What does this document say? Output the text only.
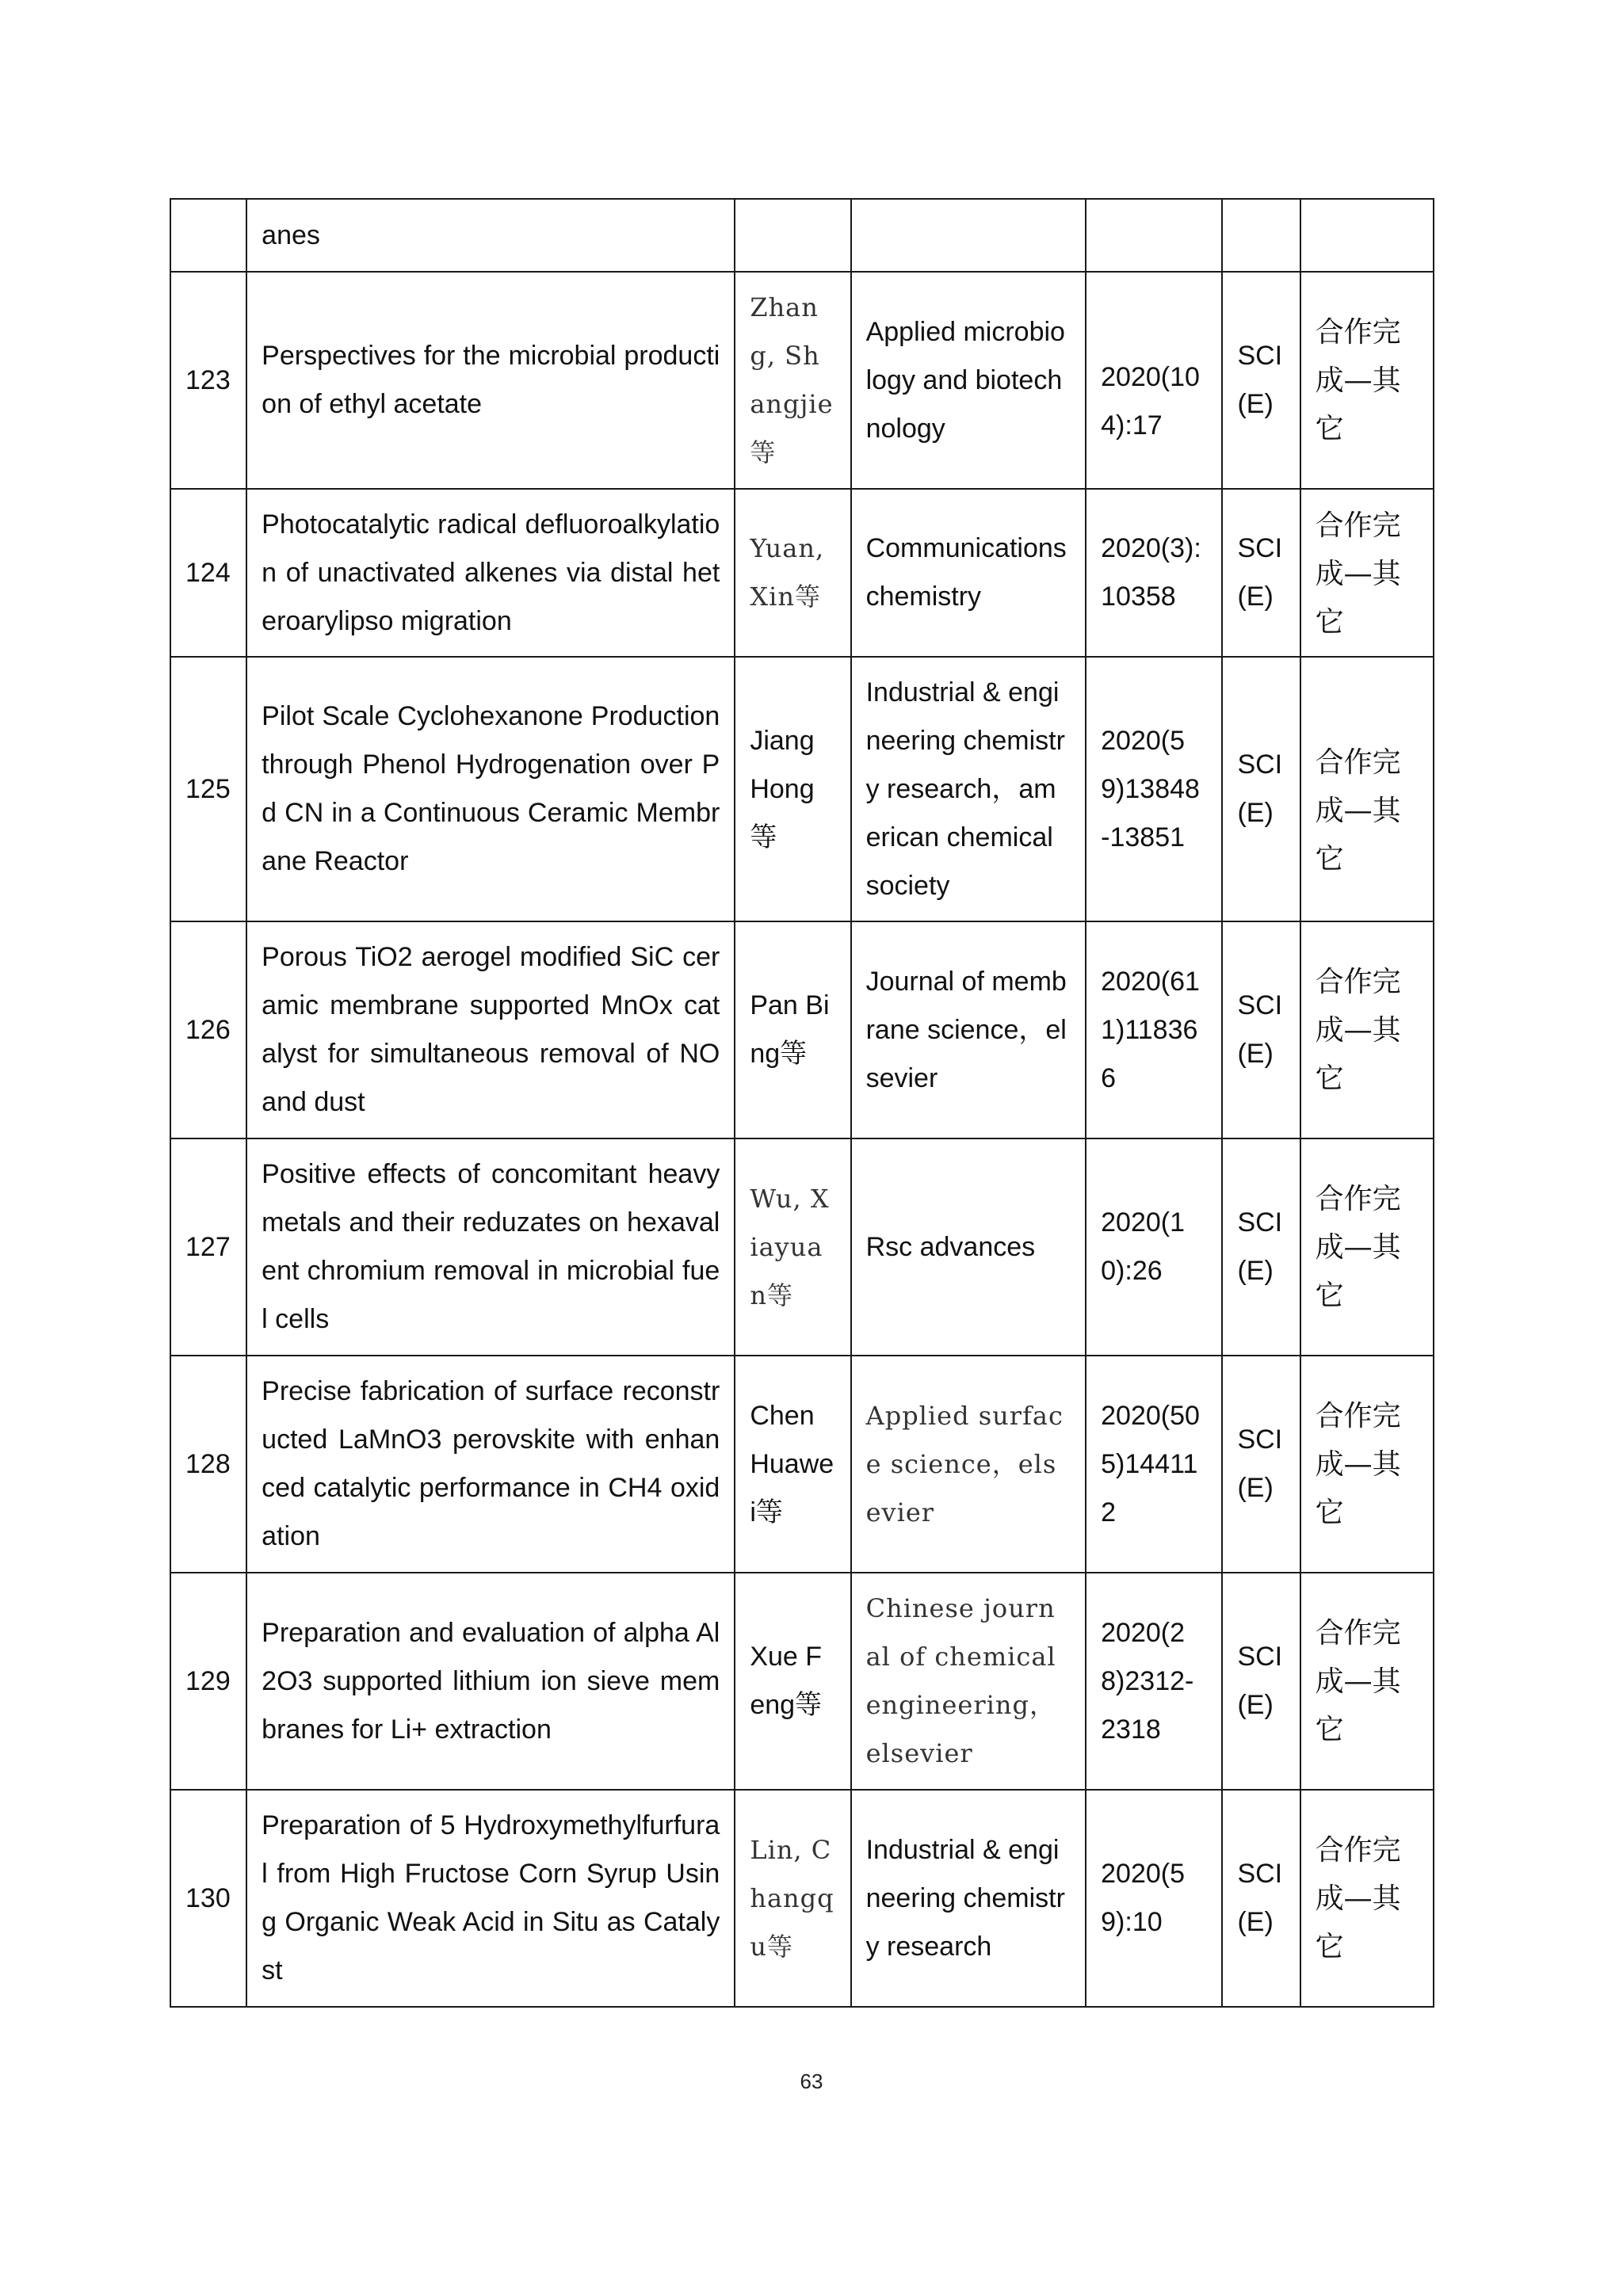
	anes					
123	Perspectives for the microbial production of ethyl acetate	Zhang, Shangjie等	Applied microbiology and biotechnology	2020(104):17	SCI (E)	合作完成—其它
124	Photocatalytic radical defluoroalkylation of unactivated alkenes via distal heteroarylipso migration	Yuan, Xin等	Communications chemistry	2020(3):10358	SCI (E)	合作完成—其它
125	Pilot Scale Cyclohexanone Production through Phenol Hydrogenation over Pd CN in a Continuous Ceramic Membrane Reactor	Jiang Hong等	Industrial & engineering chemistry research，american chemical society	2020(59)13848-13851	SCI (E)	合作完成—其它
126	Porous TiO2 aerogel modified SiC ceramic membrane supported MnOx catalyst for simultaneous removal of NO and dust	Pan Bing等	Journal of membrane science，elsevier	2020(611)118366	SCI (E)	合作完成—其它
127	Positive effects of concomitant heavy metals and their reduzates on hexavalent chromium removal in microbial fuel cells	Wu, Xiayuan等	Rsc advances	2020(10):26	SCI (E)	合作完成—其它
128	Precise fabrication of surface reconstructed LaMnO3 perovskite with enhanced catalytic performance in CH4 oxidation	Chen Huawei等	Applied surface science，elsevier	2020(505)144112	SCI (E)	合作完成—其它
129	Preparation and evaluation of alpha Al2O3 supported lithium ion sieve membranes for Li+ extraction	Xue Feng等	Chinese journal of chemical engineering，elsevier	2020(28)2312-2318	SCI (E)	合作完成—其它
130	Preparation of 5 Hydroxymethylfurfural from High Fructose Corn Syrup Using Organic Weak Acid in Situ as Catalyst	Lin, Changqu等	Industrial & engineering chemistry research	2020(59):10	SCI (E)	合作完成—其它
63
